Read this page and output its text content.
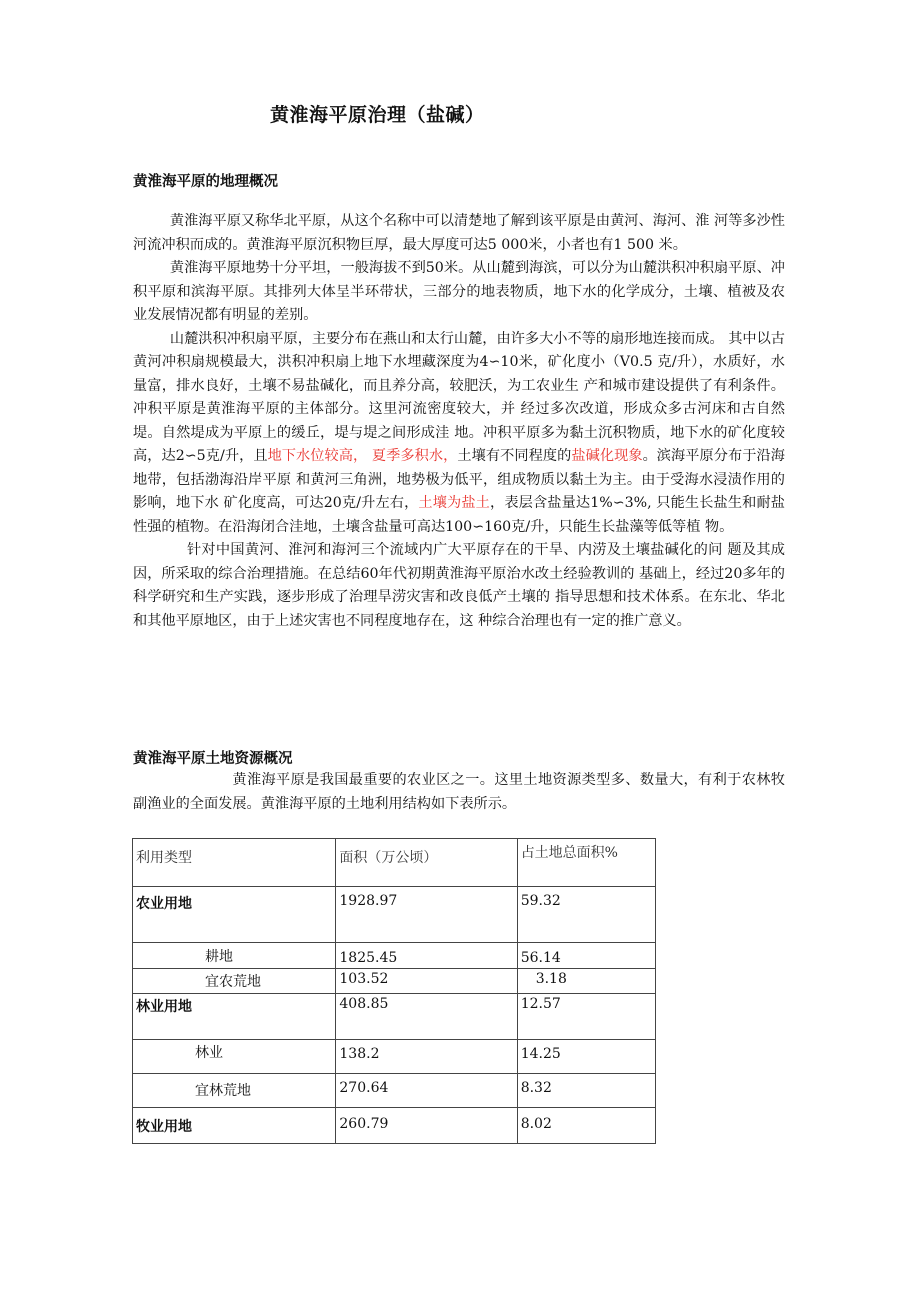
黄淮海平原治理（盐碱）
黄淮海平原的地理概况

黄淮海平原又称华北平原，从这个名称中可以清楚地了解到该平原是由黄河、海河、淮 河等多沙性河流冲积而成的。黄淮海平原沉积物巨厚，最大厚度可达5 000米，小者也有1 500 米。

黄淮海平原地势十分平坦，一般海拔不到50米。从山麓到海滨，可以分为山麓洪积冲积扇平原、冲积平原和滨海平原。其排列大体呈半环带状，三部分的地表物质，地下水的化学成分，土壤、植被及农业发展情况都有明显的差别。

山麓洪积冲积扇平原，主要分布在燕山和太行山麓，由许多大小不等的扇形地连接而成。 其中以古黄河冲积扇规模最大，洪积冲积扇上地下水埋藏深度为4∽10米，矿化度小（V0.5 克/升），水质好，水量富，排水良好，土壤不易盐碱化，而且养分高，较肥沃，为工农业生 产和城市建设提供了有利条件。冲积平原是黄淮海平原的主体部分。这里河流密度较大，并 经过多次改道，形成众多古河床和古自然堤。自然堤成为平原上的缓丘，堤与堤之间形成洼 地。冲积平原多为黏土沉积物质，地下水的矿化度较高，达2∽5克/升，且地下水位较高， 夏季多积水，土壤有不同程度的盐碱化现象。滨海平原分布于沿海地带，包括渤海沿岸平原 和黄河三角洲，地势极为低平，组成物质以黏土为主。由于受海水浸渍作用的影响，地下水 矿化度高，可达20克/升左右，土壤为盐土，表层含盐量达1%∽3%, 只能生长盐生和耐盐 性强的植物。在沿海闭合洼地，土壤含盐量可高达100∽160克/升，只能生长盐藻等低等植 物。

针对中国黄河、淮河和海河三个流域内广大平原存在的干旱、内涝及土壤盐碱化的问 题及其成因，所采取的综合治理措施。在总结60年代初期黄淮海平原治水改土经验教训的 基础上，经过20多年的科学研究和生产实践，逐步形成了治理旱涝灾害和改良低产土壤的 指导思想和技术体系。在东北、华北和其他平原地区，由于上述灾害也不同程度地存在，这 种综合治理也有一定的推广意义。

黄淮海平原土地资源概况

黄淮海平原是我国最重要的农业区之一。这里土地资源类型多、数量大，有利于农林牧副渔业的全面发展。黄淮海平原的土地利用结构如下表所示。

利用类型	面积（万公顷）	占土地总面积%
农业用地	1928.97	59.32
耕地	1825.45	56.14
宜农荒地	103.52	3.18
林业用地	408.85	12.57
林业	138.2	14.25
宜林荒地	270.64	8.32
牧业用地	260.79	8.02
